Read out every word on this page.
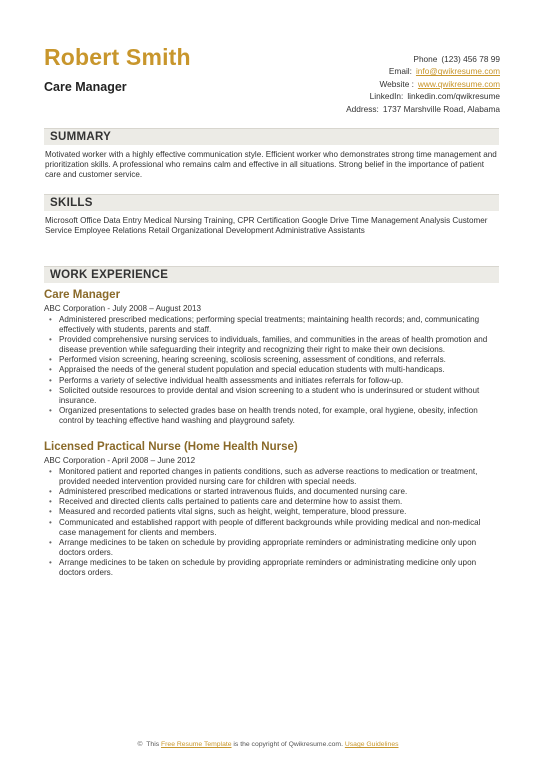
Robert Smith
Care Manager
Phone (123) 456 78 99
Email: info@qwikresume.com
Website : www.qwikresume.com
LinkedIn: linkedin.com/qwikresume
Address: 1737 Marshville Road, Alabama
SUMMARY
Motivated worker with a highly effective communication style. Efficient worker who demonstrates strong time management and prioritization skills. A professional who remains calm and effective in all situations. Strong belief in the importance of patient care and customer service.
SKILLS
Microsoft Office Data Entry Medical Nursing Training, CPR Certification Google Drive Time Management Analysis Customer Service Employee Relations Retail Organizational Development Administrative Assistants
WORK EXPERIENCE
Care Manager
ABC Corporation - July 2008 – August 2013
• Administered prescribed medications; performing special treatments; maintaining health records; and, communicating effectively with students, parents and staff.
• Provided comprehensive nursing services to individuals, families, and communities in the areas of health promotion and disease prevention while safeguarding their integrity and recognizing their right to make their own decisions.
• Performed vision screening, hearing screening, scoliosis screening, assessment of conditions, and referrals.
• Appraised the needs of the general student population and special education students with multi-handicaps.
• Performs a variety of selective individual health assessments and initiates referrals for follow-up.
• Solicited outside resources to provide dental and vision screening to a student who is underinsured or student without insurance.
• Organized presentations to selected grades base on health trends noted, for example, oral hygiene, obesity, infection control by teaching effective hand washing and playground safety.
Licensed Practical Nurse (Home Health Nurse)
ABC Corporation - April 2008 – June 2012
• Monitored patient and reported changes in patients conditions, such as adverse reactions to medication or treatment, provided needed intervention provided nursing care for children with special needs.
• Administered prescribed medications or started intravenous fluids, and documented nursing care.
• Received and directed clients calls pertained to patients care and determine how to assist them.
• Measured and recorded patients vital signs, such as height, weight, temperature, blood pressure.
• Communicated and established rapport with people of different backgrounds while providing medical and non-medical case management for clients and members.
• Arrange medicines to be taken on schedule by providing appropriate reminders or administrating medicine only upon doctors orders.
• Arrange medicines to be taken on schedule by providing appropriate reminders or administrating medicine only upon doctors orders.
© This Free Resume Template is the copyright of Qwikresume.com. Usage Guidelines
